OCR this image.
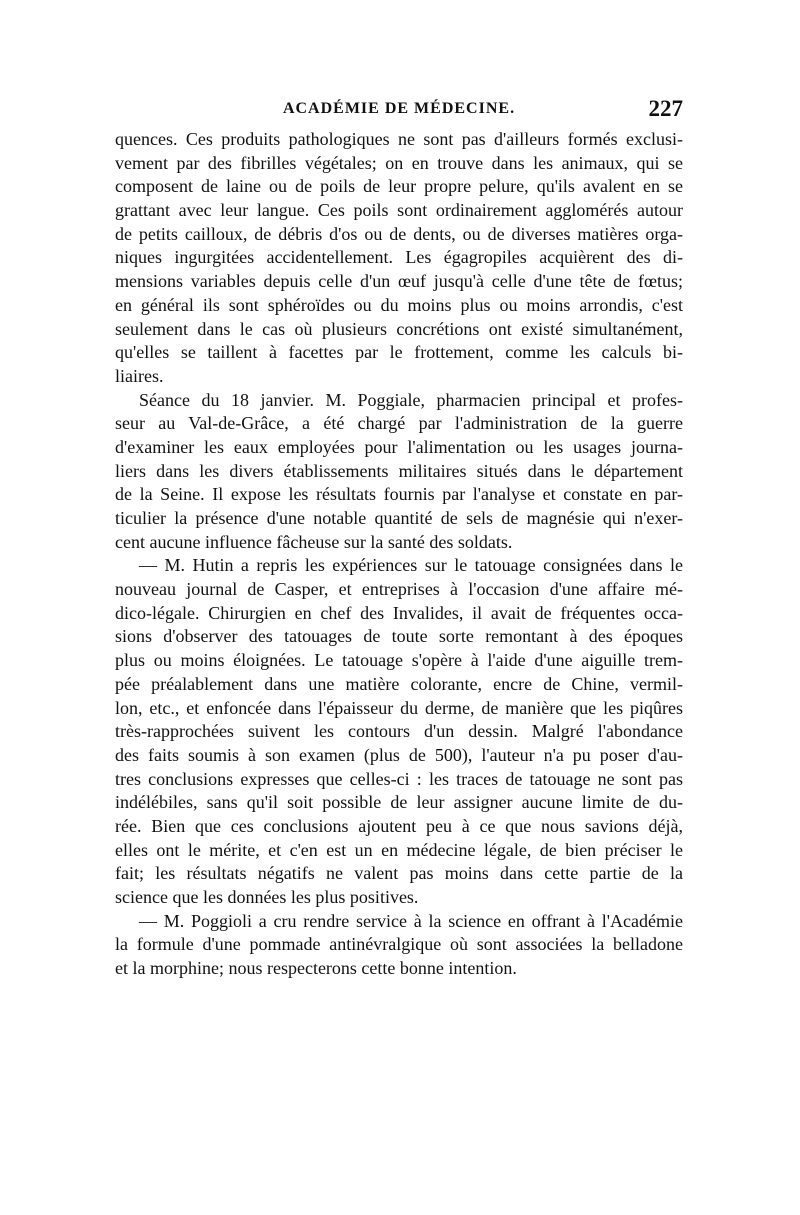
ACADÉMIE DE MÉDECINE.	227
quences. Ces produits pathologiques ne sont pas d'ailleurs formés exclusi-
vement par des fibrilles végétales; on en trouve dans les animaux, qui se
composent de laine ou de poils de leur propre pelure, qu'ils avalent en se
grattant avec leur langue. Ces poils sont ordinairement agglomérés autour
de petits cailloux, de débris d'os ou de dents, ou de diverses matières orga-
niques ingurgitées accidentellement. Les égagropiles acquièrent des di-
mensions variables depuis celle d'un œuf jusqu'à celle d'une tête de fœtus;
en général ils sont sphéroïdes ou du moins plus ou moins arrondis, c'est
seulement dans le cas où plusieurs concrétions ont existé simultanément,
qu'elles se taillent à facettes par le frottement, comme les calculs bi-
liaires.
Séance du 18 janvier. M. Poggiale, pharmacien principal et profes-
seur au Val-de-Grâce, a été chargé par l'administration de la guerre
d'examiner les eaux employées pour l'alimentation ou les usages journa-
liers dans les divers établissements militaires situés dans le département
de la Seine. Il expose les résultats fournis par l'analyse et constate en par-
ticulier la présence d'une notable quantité de sels de magnésie qui n'exer-
cent aucune influence fâcheuse sur la santé des soldats.
— M. Hutin a repris les expériences sur le tatouage consignées dans le
nouveau journal de Casper, et entreprises à l'occasion d'une affaire mé-
dico-légale. Chirurgien en chef des Invalides, il avait de fréquentes occa-
sions d'observer des tatouages de toute sorte remontant à des époques
plus ou moins éloignées. Le tatouage s'opère à l'aide d'une aiguille trem-
pée préalablement dans une matière colorante, encre de Chine, vermil-
lon, etc., et enfoncée dans l'épaisseur du derme, de manière que les piqûres
très-rapprochées suivent les contours d'un dessin. Malgré l'abondance
des faits soumis à son examen (plus de 500), l'auteur n'a pu poser d'au-
tres conclusions expresses que celles-ci : les traces de tatouage ne sont pas
indélébiles, sans qu'il soit possible de leur assigner aucune limite de du-
rée. Bien que ces conclusions ajoutent peu à ce que nous savions déjà,
elles ont le mérite, et c'en est un en médecine légale, de bien préciser le
fait; les résultats négatifs ne valent pas moins dans cette partie de la
science que les données les plus positives.
— M. Poggioli a cru rendre service à la science en offrant à l'Académie
la formule d'une pommade antinévralgique où sont associées la belladone
et la morphine; nous respecterons cette bonne intention.
